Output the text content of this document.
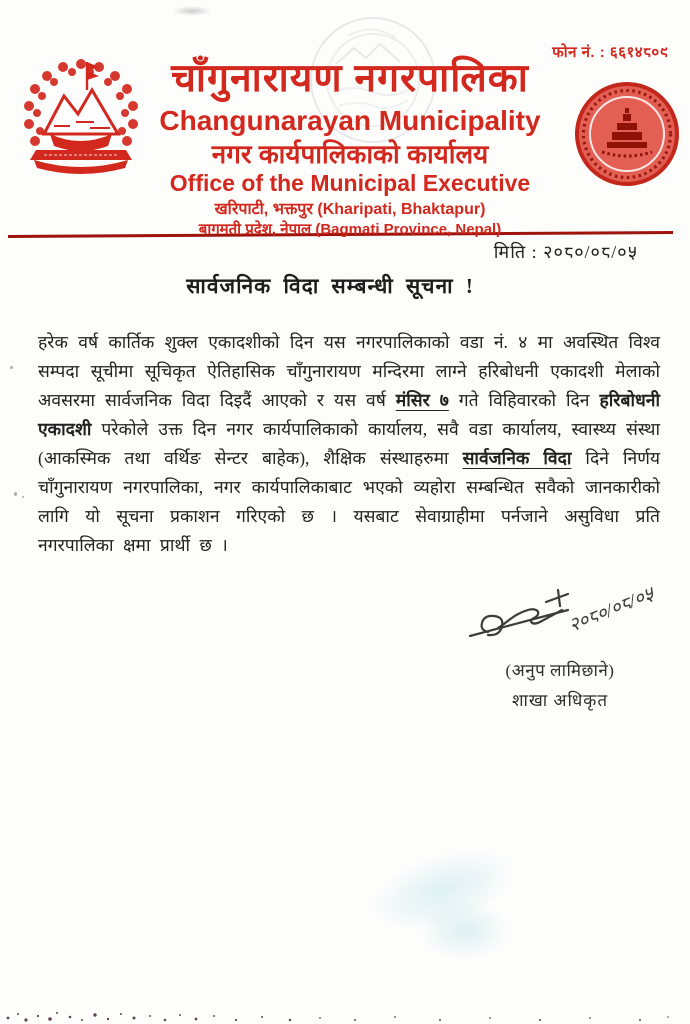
फोन नं. : ६६१४८०९
चाँगुनारायण नगरपालिका
Changunarayan Municipality
नगर कार्यपालिकाको कार्यालय
Office of the Municipal Executive
खरिपाटी, भक्तपुर (Kharipati, Bhaktapur)
बागमती प्रदेश, नेपाल (Bagmati Province, Nepal)
मिति : २०८०/०८/०५
सार्वजनिक विदा सम्बन्धी सूचना !

हरेक वर्ष कार्तिक शुक्ल एकादशीको दिन यस नगरपालिकाको वडा नं. ४ मा अवस्थित विश्व सम्पदा सूचीमा सूचिकृत ऐतिहासिक चाँगुनारायण मन्दिरमा लाग्ने हरिबोधनी एकादशी मेलाको अवसरमा सार्वजनिक विदा दिइदैं आएको र यस वर्ष मंसिर ७ गते विहिवारको दिन हरिबोधनी एकादशी परेकोले उक्त दिन नगर कार्यपालिकाको कार्यालय, सवै वडा कार्यालय, स्वास्थ्य संस्था (आकस्मिक तथा वर्थिङ सेन्टर बाहेक), शैक्षिक संस्थाहरुमा सार्वजनिक विदा दिने निर्णय चाँगुनारायण नगरपालिका, नगर कार्यपालिकाबाट भएको व्यहोरा सम्बन्धित सवैको जानकारीको लागि यो सूचना प्रकाशन गरिएको छ । यसबाट सेवाग्राहीमा पर्नजाने असुविधा प्रति नगरपालिका क्षमा प्रार्थी छ ।

२०८०/०८/०५
(अनुप लामिछाने)
शाखा अधिकृत
